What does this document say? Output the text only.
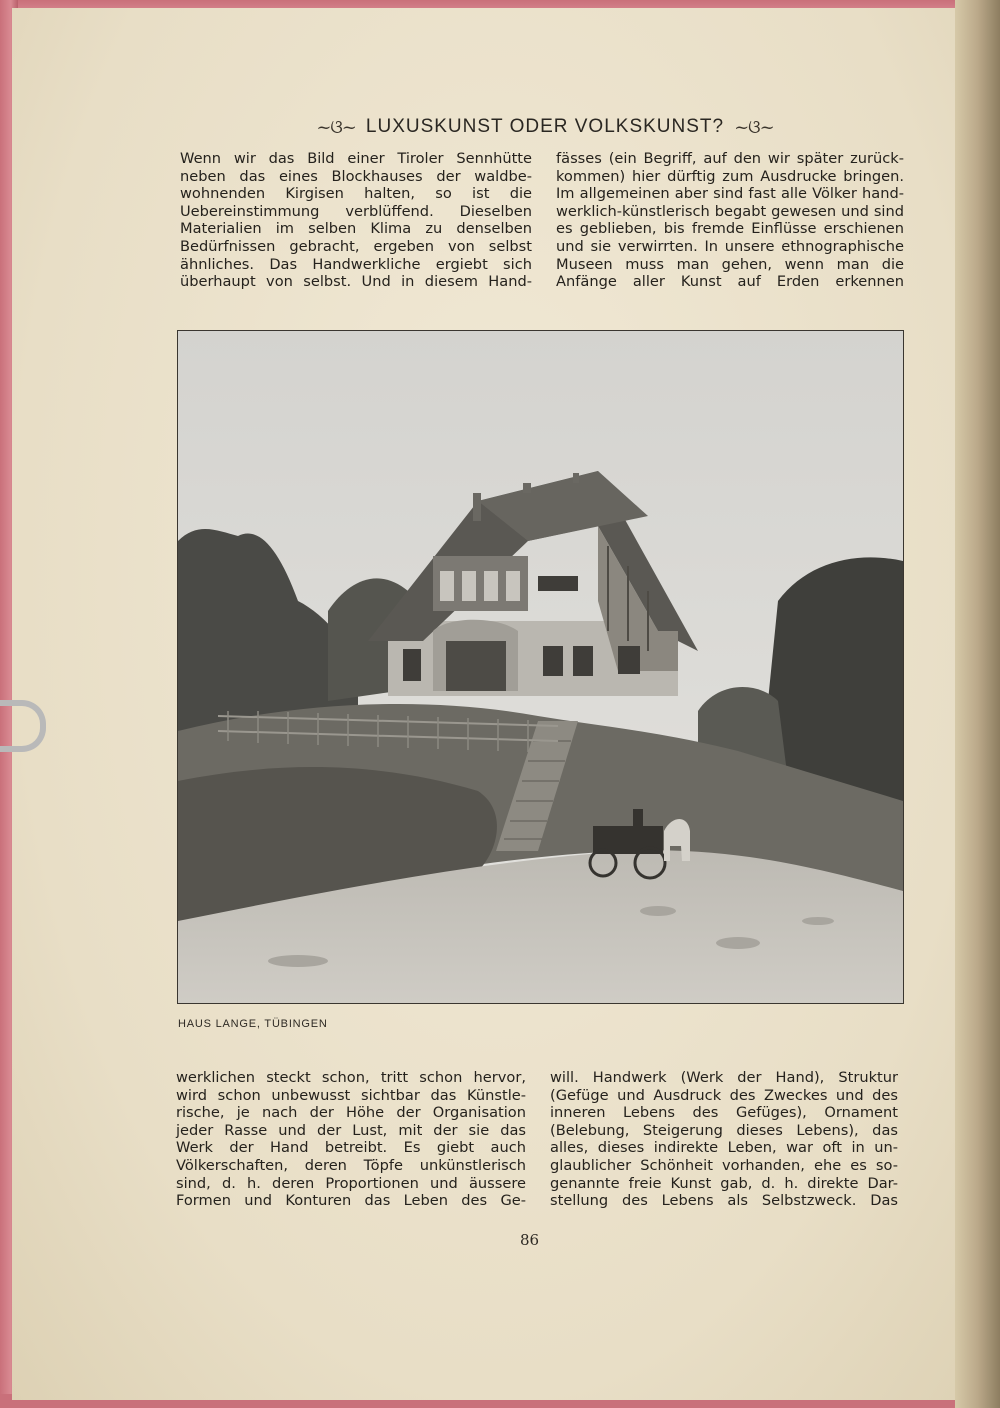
~ଓ~ LUXUSKUNST ODER VOLKSKUNST? ~ଓ~
Wenn wir das Bild einer Tiroler Sennhütte
neben das eines Blockhauses der waldbe-
wohnenden Kirgisen halten, so ist die
Uebereinstimmung verblüffend. Dieselben
Materialien im selben Klima zu denselben
Bedürfnissen gebracht, ergeben von selbst
ähnliches. Das Handwerkliche ergiebt sich
überhaupt von selbst. Und in diesem Hand-
fässes (ein Begriff, auf den wir später zurück-
kommen) hier dürftig zum Ausdrucke bringen.
Im allgemeinen aber sind fast alle Völker hand-
werklich-künstlerisch begabt gewesen und sind
es geblieben, bis fremde Einflüsse erschienen
und sie verwirrten. In unsere ethnographische
Museen muss man gehen, wenn man die
Anfänge aller Kunst auf Erden erkennen
HAUS LANGE, TÜBINGEN
werklichen steckt schon, tritt schon hervor,
wird schon unbewusst sichtbar das Künstle-
rische, je nach der Höhe der Organisation
jeder Rasse und der Lust, mit der sie das
Werk der Hand betreibt. Es giebt auch
Völkerschaften, deren Töpfe unkünstlerisch
sind, d. h. deren Proportionen und äussere
Formen und Konturen das Leben des Ge-
will. Handwerk (Werk der Hand), Struktur
(Gefüge und Ausdruck des Zweckes und des
inneren Lebens des Gefüges), Ornament
(Belebung, Steigerung dieses Lebens), das
alles, dieses indirekte Leben, war oft in un-
glaublicher Schönheit vorhanden, ehe es so-
genannte freie Kunst gab, d. h. direkte Dar-
stellung des Lebens als Selbstzweck. Das
86
